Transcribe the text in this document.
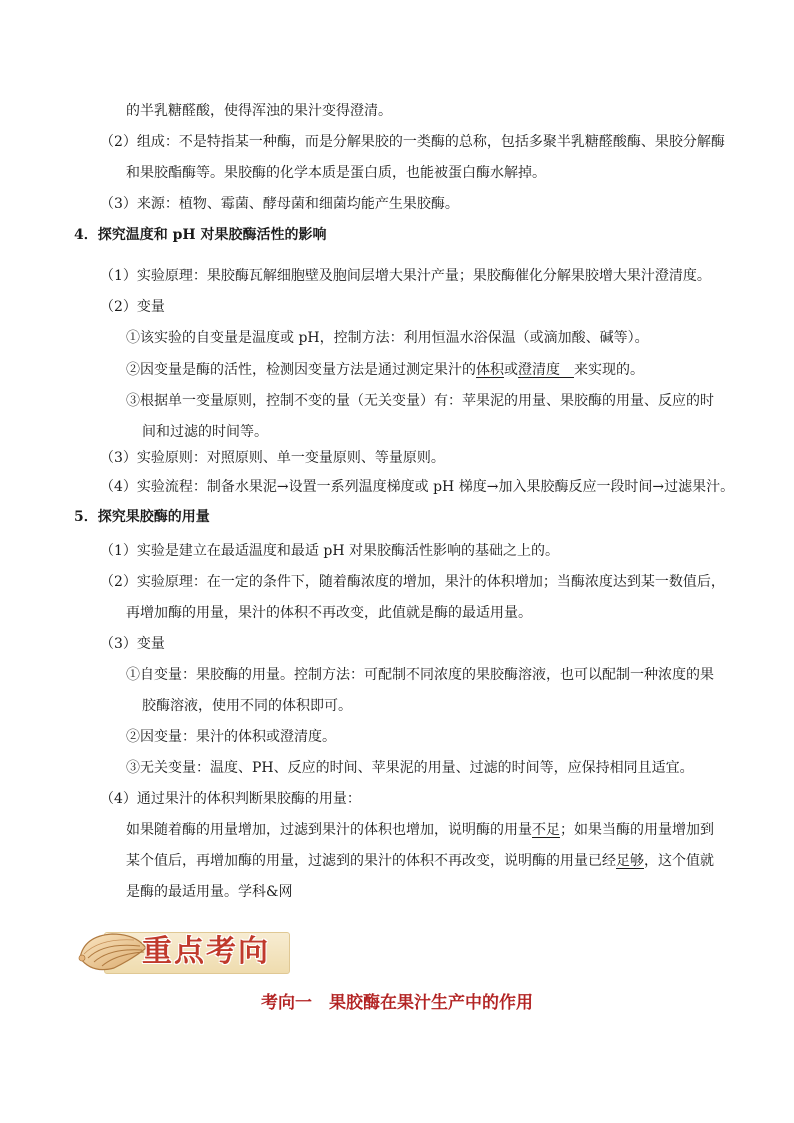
的半乳糖醛酸，使得浑浊的果汁变得澄清。
（2）组成：不是特指某一种酶，而是分解果胶的一类酶的总称，包括多聚半乳糖醛酸酶、果胶分解酶
和果胶酯酶等。果胶酶的化学本质是蛋白质，也能被蛋白酶水解掉。
（3）来源：植物、霉菌、酵母菌和细菌均能产生果胶酶。
4．探究温度和 pH 对果胶酶活性的影响
（1）实验原理：果胶酶瓦解细胞壁及胞间层增大果汁产量；果胶酶催化分解果胶增大果汁澄清度。
（2）变量
①该实验的自变量是温度或 pH，控制方法：利用恒温水浴保温（或滴加酸、碱等）。
②因变量是酶的活性，检测因变量方法是通过测定果汁的体积或澄清度　 来实现的。
③根据单一变量原则，控制不变的量（无关变量）有：苹果泥的用量、果胶酶的用量、反应的时
间和过滤的时间等。
（3）实验原则：对照原则、单一变量原则、等量原则。
（4）实验流程：制备水果泥→设置一系列温度梯度或 pH 梯度→加入果胶酶反应一段时间→过滤果汁。
5．探究果胶酶的用量
（1）实验是建立在最适温度和最适 pH 对果胶酶活性影响的基础之上的。
（2）实验原理：在一定的条件下，随着酶浓度的增加，果汁的体积增加；当酶浓度达到某一数值后，
再增加酶的用量，果汁的体积不再改变，此值就是酶的最适用量。
（3）变量
①自变量：果胶酶的用量。控制方法：可配制不同浓度的果胶酶溶液，也可以配制一种浓度的果
胶酶溶液，使用不同的体积即可。
②因变量：果汁的体积或澄清度。
③无关变量：温度、PH、反应的时间、苹果泥的用量、过滤的时间等，应保持相同且适宜。
（4）通过果汁的体积判断果胶酶的用量：
如果随着酶的用量增加，过滤到果汁的体积也增加，说明酶的用量不足；如果当酶的用量增加到
某个值后，再增加酶的用量，过滤到的果汁的体积不再改变，说明酶的用量已经足够，这个值就
是酶的最适用量。学科&网
重点考向
考向一　果胶酶在果汁生产中的作用
